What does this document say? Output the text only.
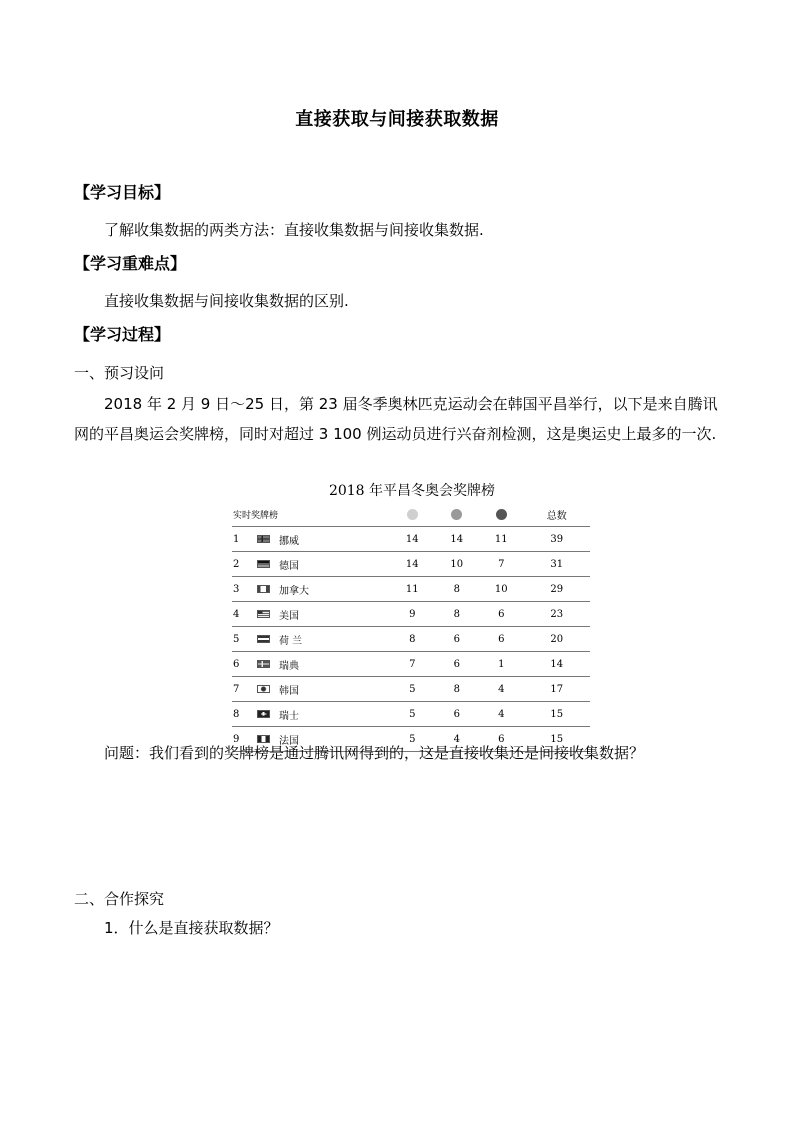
直接获取与间接获取数据
【学习目标】
了解收集数据的两类方法：直接收集数据与间接收集数据.
【学习重难点】
直接收集数据与间接收集数据的区别.
【学习过程】
一、预习设问

2018 年 2 月 9 日～25 日，第 23 届冬季奥林匹克运动会在韩国平昌举行，以下是来自腾讯网的平昌奥运会奖牌榜，同时对超过 3 100 例运动员进行兴奋剂检测，这是奥运史上最多的一次.

2018 年平昌冬奥会奖牌榜
实时奖牌榜						总数
1		挪威	14	14	11	39
2		德国	14	10	7	31
3		加拿大	11	8	10	29
4		美国	9	8	6	23
5		荷 兰	8	6	6	20
6		瑞典	7	6	1	14
7		韩国	5	8	4	17
8		瑞士	5	6	4	15
9		法国	5	4	6	15
问题：我们看到的奖牌榜是通过腾讯网得到的，这是直接收集还是间接收集数据？
二、合作探究
1．什么是直接获取数据？
